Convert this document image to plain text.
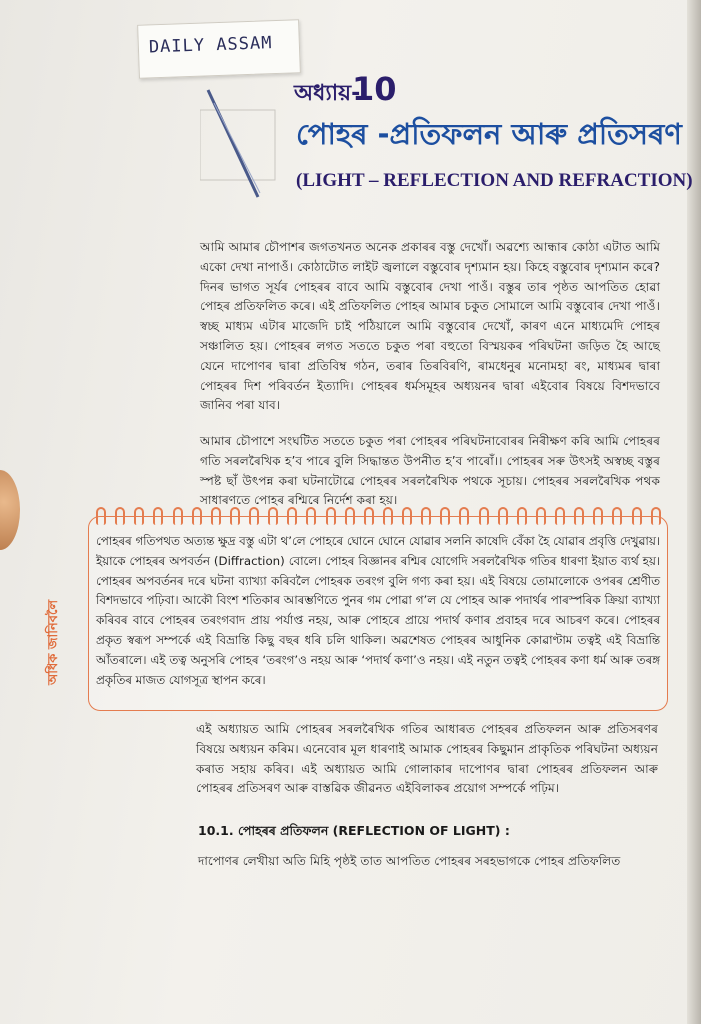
DAILY ASSAM
অধ্যায়-
10
পোহৰ -প্ৰতিফলন আৰু প্ৰতিসৰণ
(LIGHT – REFLECTION AND REFRACTION)
আমি আমাৰ চৌপাশৰ জগতখনত অনেক প্ৰকাৰৰ বস্তু দেখোঁ। অৱশ্যে আন্ধাৰ কোঠা এটাত আমি একো দেখা নাপাওঁ। কোঠাটোত লাইট জ্বলালে বস্তুবোৰ দৃশ্যমান হয়। কিহে বস্তুবোৰ দৃশ্যমান কৰে? দিনৰ ভাগত সূৰ্যৰ পোহৰৰ বাবে আমি বস্তুবোৰ দেখা পাওঁ। বস্তুৰ তাৰ পৃষ্ঠত আপতিত হোৱা পোহৰ প্ৰতিফলিত কৰে। এই প্ৰতিফলিত পোহৰ আমাৰ চকুত সোমালে আমি বস্তুবোৰ দেখা পাওঁ। স্বচ্ছ মাধ্যম এটাৰ মাজেদি চাই পঠিয়ালে আমি বস্তুবোৰ দেখোঁ, কাৰণ এনে মাধ্যমেদি পোহৰ সঞ্চালিত হয়। পোহৰৰ লগত সততে চকুত পৰা বহুতো বিস্ময়কৰ পৰিঘটনা জড়িত হৈ আছে যেনে দাপোণৰ দ্বাৰা প্ৰতিবিম্ব গঠন, তৰাৰ তিৰবিৰণি, ৰামধেনুৰ মনোমহা ৰং, মাধ্যমৰ দ্বাৰা পোহৰৰ দিশ পৰিবৰ্তন ইত্যাদি। পোহৰৰ ধৰ্মসমূহৰ অধ্যয়নৰ দ্বাৰা এইবোৰ বিষয়ে বিশদভাবে জানিব পৰা যাব।
আমাৰ চৌপাশে সংঘটিত সততে চকুত পৰা পোহৰৰ পৰিঘটনাবোৰৰ নিৰীক্ষণ কৰি আমি পোহৰৰ গতি সৰলৰৈখিক হ’ব পাৰে বুলি সিদ্ধান্তত উপনীত হ’ব পাৰোঁ।। পোহৰৰ সৰু উৎসই অস্বচ্ছ বস্তুৰ স্পষ্ট ছাঁ উৎপন্ন কৰা ঘটনাটোৱে পোহৰৰ সৰলৰৈখিক পথকে সূচায়। পোহৰৰ সৰলৰৈখিক পথক সাধাৰণতে পোহৰ ৰশ্মিৰে নিৰ্দেশ কৰা হয়।
অধিক জানিবলৈ
পোহৰৰ গতিপথত অত্যন্ত ক্ষুদ্ৰ বস্তু এটা থ’লে পোহৰে ঘোনে ঘোনে যোৱাৰ সলনি কাষেদি বেঁকা হৈ যোৱাৰ প্ৰবৃত্তি দেখুৱায়। ইয়াকে পোহৰৰ অপবৰ্তন (Diffraction) বোলে। পোহৰ বিজ্ঞানৰ ৰশ্মিৰ যোগেদি সৰলৰৈখিক গতিৰ ধাৰণা ইয়াত ব্যৰ্থ হয়। পোহৰৰ অপবৰ্তনৰ দৰে ঘটনা ব্যাখ্যা কৰিবলৈ পোহৰক তৰংগ বুলি গণ্য কৰা হয়। এই বিষয়ে তোমালোকে ওপৰৰ শ্ৰেণীত বিশদভাবে পঢ়িবা। আকৌ বিংশ শতিকাৰ আৰম্ভণিতে পুনৰ গম পোৱা গ’ল যে পোহৰ আৰু পদাৰ্থৰ পাৰস্পৰিক ক্ৰিয়া ব্যাখ্যা কৰিবৰ বাবে পোহৰৰ তৰংগবাদ প্ৰায় পৰ্যাপ্ত নহয়, আৰু পোহৰে প্ৰায়ে পদাৰ্থ কণাৰ প্ৰবাহৰ দৰে আচৰণ কৰে। পোহৰৰ প্ৰকৃত স্বৰূপ সম্পৰ্কে এই বিভ্ৰান্তি কিছু বছৰ ধৰি চলি থাকিল। অৱশেষত পোহৰৰ আধুনিক কোৱাণ্টাম তত্বই এই বিভ্ৰান্তি আঁতৰালে। এই তত্ব অনুসৰি পোহৰ ‘তৰংগ’ও নহয় আৰু ‘পদাৰ্থ কণা’ও নহয়। এই নতুন তত্বই পোহৰৰ কণা ধৰ্ম আৰু তৰঙ্গ প্ৰকৃতিৰ মাজত যোগসূত্ৰ স্থাপন কৰে।
এই অধ্যায়ত আমি পোহৰৰ সৰলৰৈখিক গতিৰ আধাৰত পোহৰৰ প্ৰতিফলন আৰু প্ৰতিসৰণৰ বিষয়ে অধ্যয়ন কৰিম। এনেবোৰ মূল ধাৰণাই আমাক পোহৰৰ কিছুমান প্ৰাকৃতিক পৰিঘটনা অধ্যয়ন কৰাত সহায় কৰিব। এই অধ্যায়ত আমি গোলাকাৰ দাপোণৰ দ্বাৰা পোহৰৰ প্ৰতিফলন আৰু পোহৰৰ প্ৰতিসৰণ আৰু বাস্তৱিক জীৱনত এইবিলাকৰ প্ৰয়োগ সম্পৰ্কে পঢ়িম।
10.1. পোহৰৰ প্ৰতিফলন (REFLECTION OF LIGHT) :
দাপোণৰ লেখীয়া অতি মিহি পৃষ্ঠই তাত আপতিত পোহৰৰ সৰহভাগকে পোহৰ প্ৰতিফলিত
